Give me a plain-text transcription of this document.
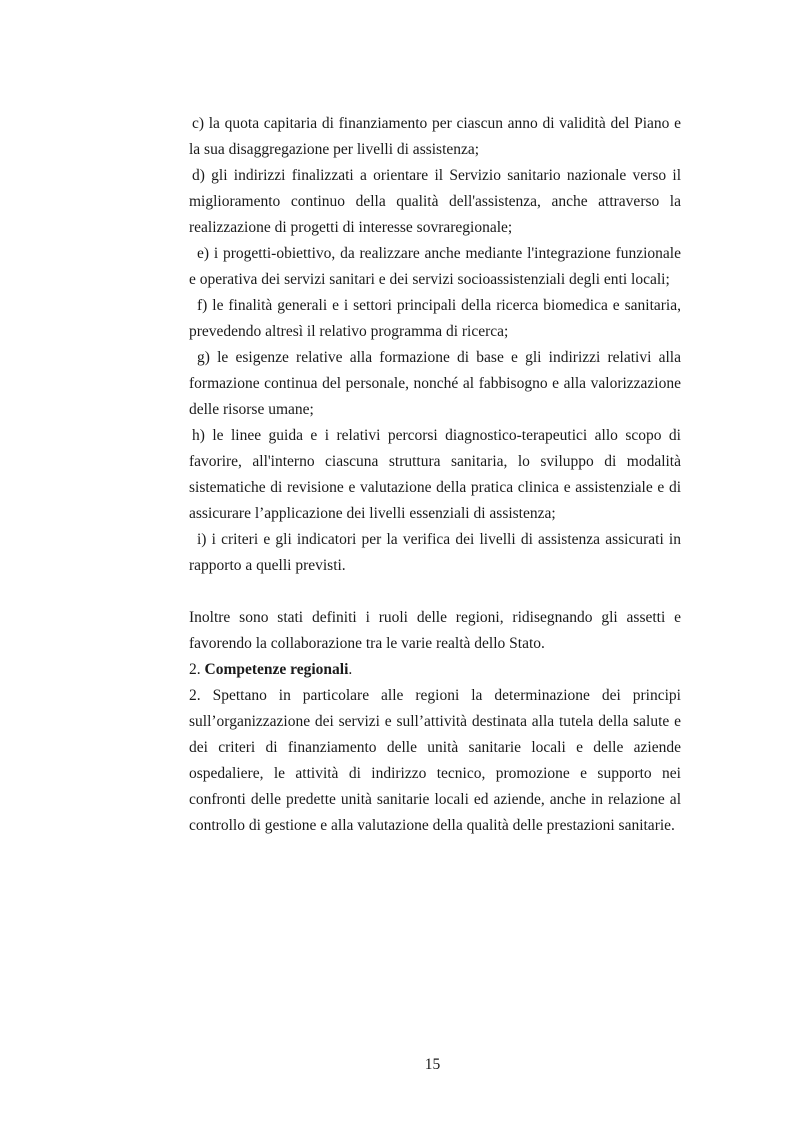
c) la quota capitaria di finanziamento per ciascun anno di validità del Piano e la sua disaggregazione per livelli di assistenza;

d) gli indirizzi finalizzati a orientare il Servizio sanitario nazionale verso il miglioramento continuo della qualità dell'assistenza, anche attraverso la realizzazione di progetti di interesse sovraregionale;

e) i progetti-obiettivo, da realizzare anche mediante l'integrazione funzionale e operativa dei servizi sanitari e dei servizi socioassistenziali degli enti locali;

f) le finalità generali e i settori principali della ricerca biomedica e sanitaria, prevedendo altresì il relativo programma di ricerca;

g) le esigenze relative alla formazione di base e gli indirizzi relativi alla formazione continua del personale, nonché al fabbisogno e alla valorizzazione delle risorse umane;

h) le linee guida e i relativi percorsi diagnostico-terapeutici allo scopo di favorire, all'interno ciascuna struttura sanitaria, lo sviluppo di modalità sistematiche di revisione e valutazione della pratica clinica e assistenziale e di assicurare l’applicazione dei livelli essenziali di assistenza;

i) i criteri e gli indicatori per la verifica dei livelli di assistenza assicurati in rapporto a quelli previsti.

Inoltre sono stati definiti i ruoli delle regioni, ridisegnando gli assetti e favorendo la collaborazione tra le varie realtà dello Stato.

2. Competenze regionali.

2. Spettano in particolare alle regioni la determinazione dei principi sull’organizzazione dei servizi e sull’attività destinata alla tutela della salute e dei criteri di finanziamento delle unità sanitarie locali e delle aziende ospedaliere, le attività di indirizzo tecnico, promozione e supporto nei confronti delle predette unità sanitarie locali ed aziende, anche in relazione al controllo di gestione e alla valutazione della qualità delle prestazioni sanitarie.

15
